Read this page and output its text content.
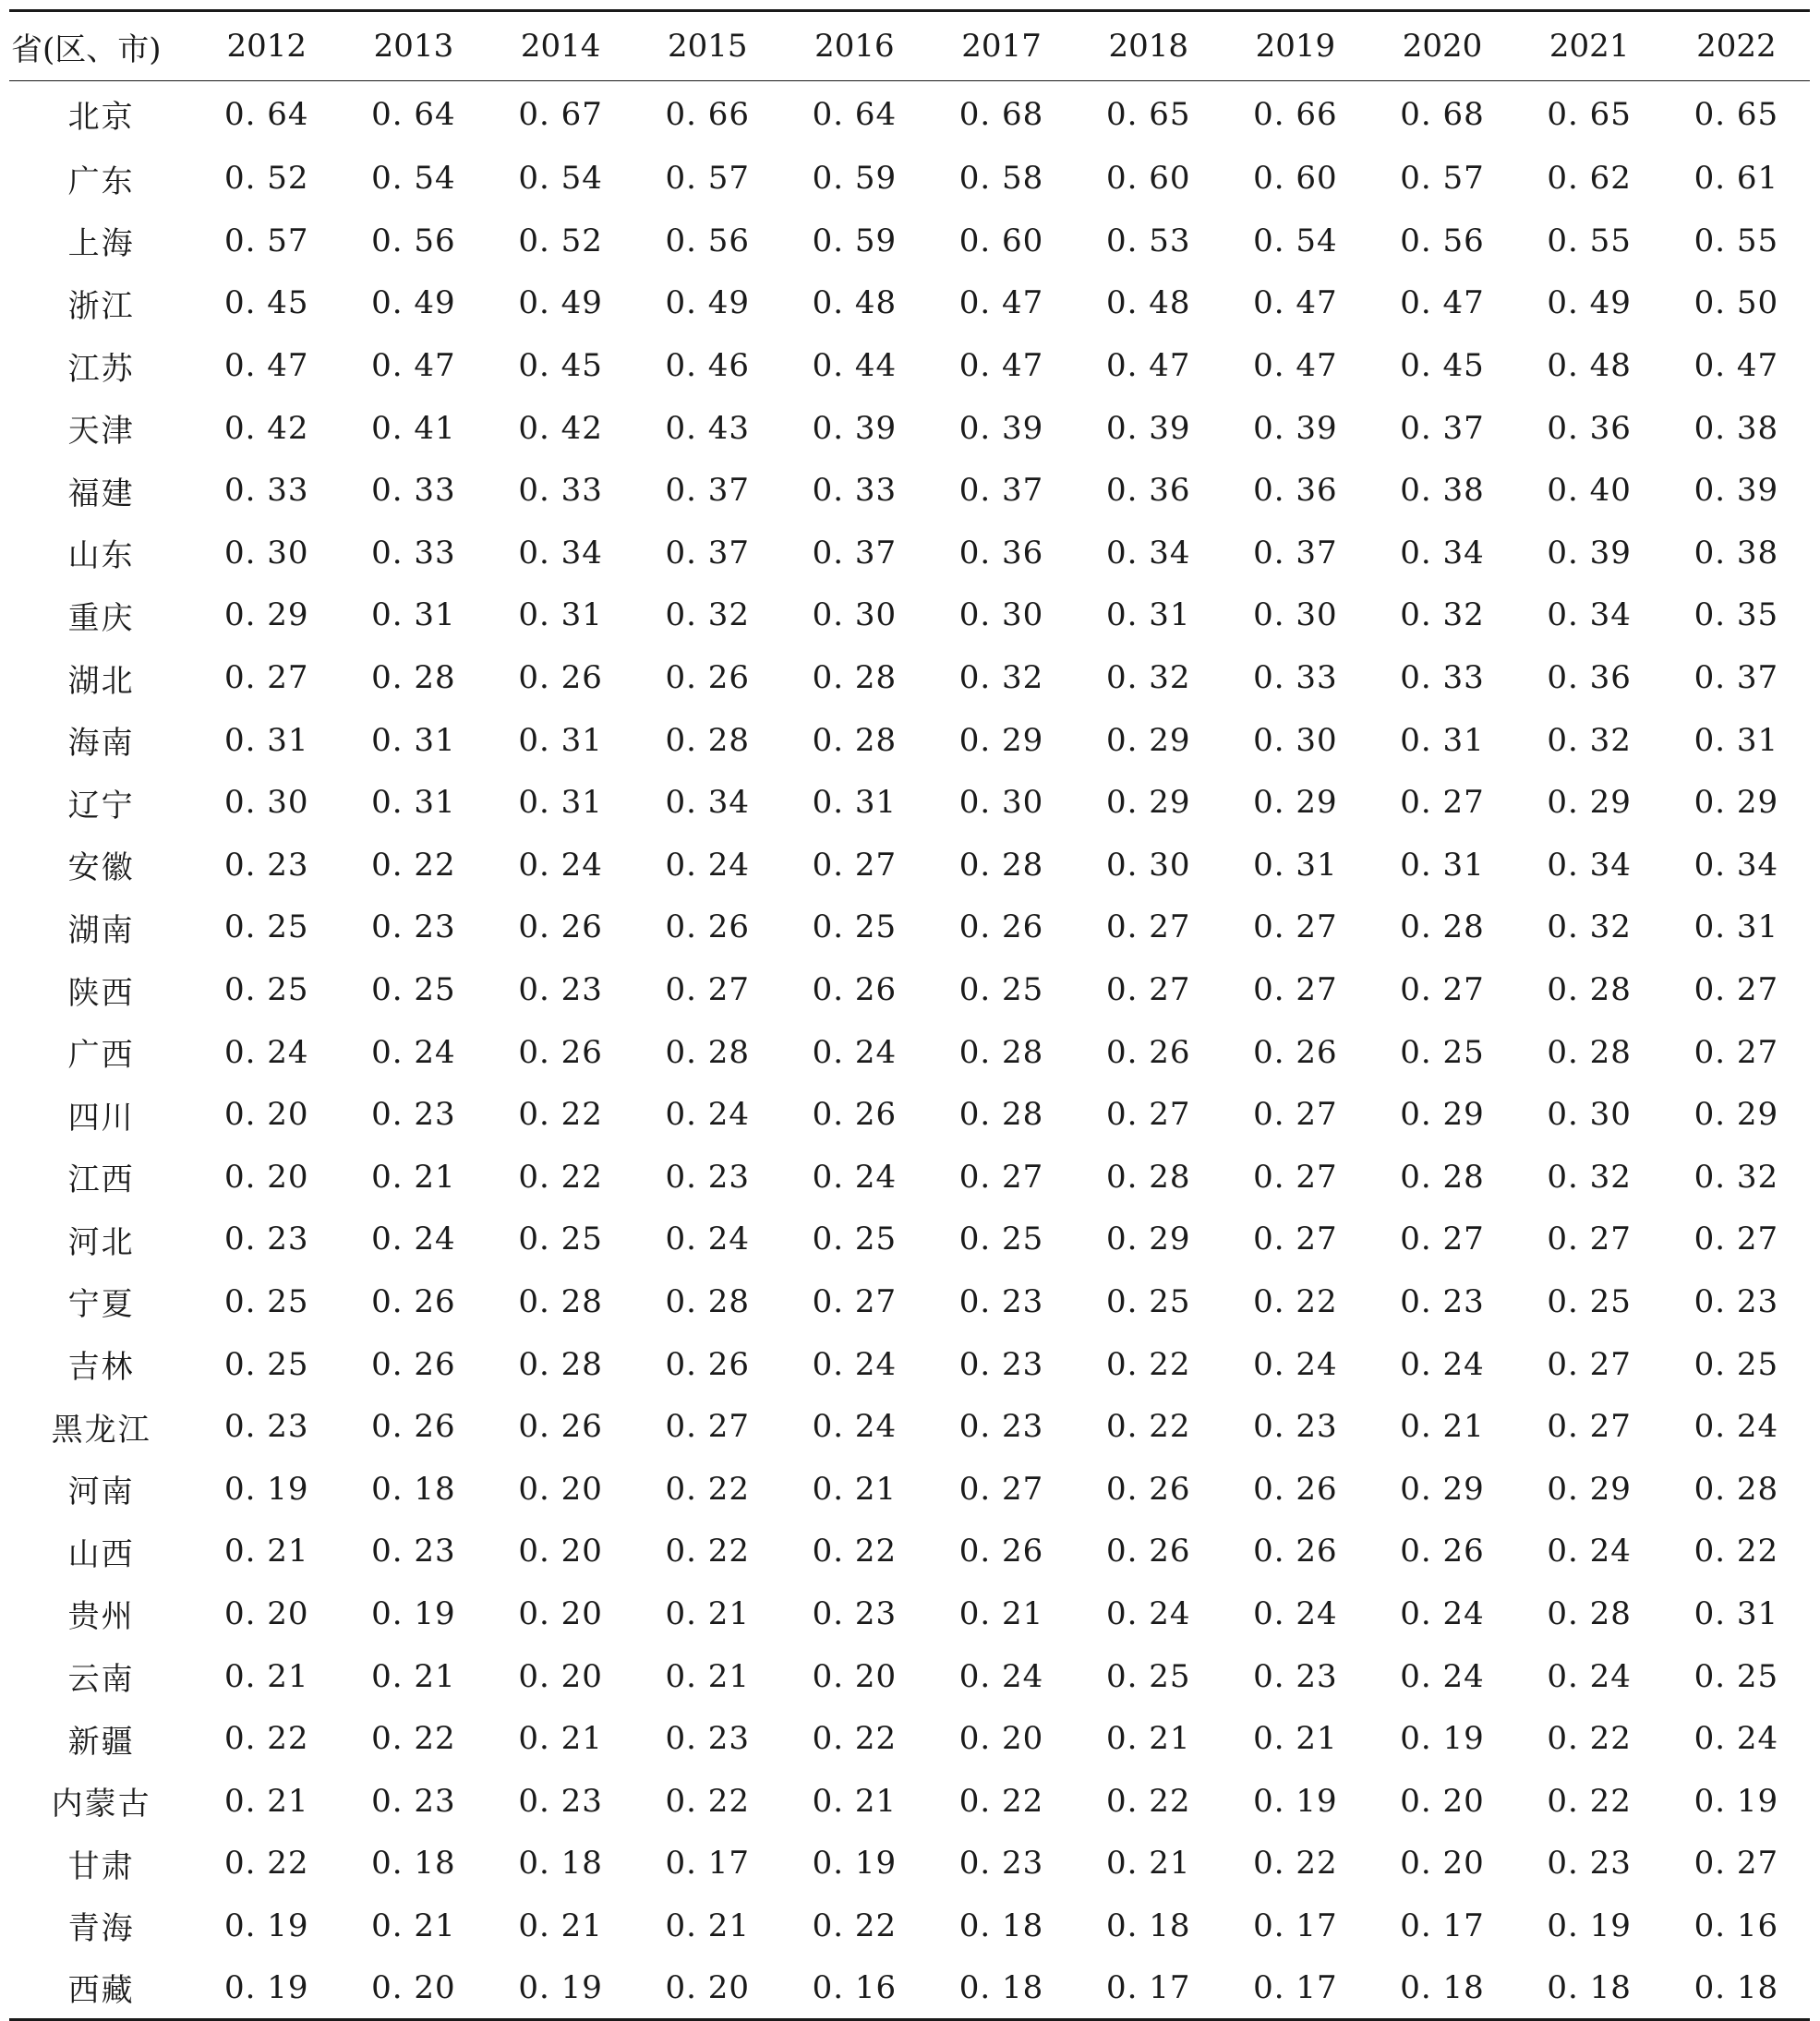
省(区、市)	2012	2013	2014	2015	2016	2017	2018	2019	2020	2021	2022
北京	0. 64	0. 64	0. 67	0. 66	0. 64	0. 68	0. 65	0. 66	0. 68	0. 65	0. 65
广东	0. 52	0. 54	0. 54	0. 57	0. 59	0. 58	0. 60	0. 60	0. 57	0. 62	0. 61
上海	0. 57	0. 56	0. 52	0. 56	0. 59	0. 60	0. 53	0. 54	0. 56	0. 55	0. 55
浙江	0. 45	0. 49	0. 49	0. 49	0. 48	0. 47	0. 48	0. 47	0. 47	0. 49	0. 50
江苏	0. 47	0. 47	0. 45	0. 46	0. 44	0. 47	0. 47	0. 47	0. 45	0. 48	0. 47
天津	0. 42	0. 41	0. 42	0. 43	0. 39	0. 39	0. 39	0. 39	0. 37	0. 36	0. 38
福建	0. 33	0. 33	0. 33	0. 37	0. 33	0. 37	0. 36	0. 36	0. 38	0. 40	0. 39
山东	0. 30	0. 33	0. 34	0. 37	0. 37	0. 36	0. 34	0. 37	0. 34	0. 39	0. 38
重庆	0. 29	0. 31	0. 31	0. 32	0. 30	0. 30	0. 31	0. 30	0. 32	0. 34	0. 35
湖北	0. 27	0. 28	0. 26	0. 26	0. 28	0. 32	0. 32	0. 33	0. 33	0. 36	0. 37
海南	0. 31	0. 31	0. 31	0. 28	0. 28	0. 29	0. 29	0. 30	0. 31	0. 32	0. 31
辽宁	0. 30	0. 31	0. 31	0. 34	0. 31	0. 30	0. 29	0. 29	0. 27	0. 29	0. 29
安徽	0. 23	0. 22	0. 24	0. 24	0. 27	0. 28	0. 30	0. 31	0. 31	0. 34	0. 34
湖南	0. 25	0. 23	0. 26	0. 26	0. 25	0. 26	0. 27	0. 27	0. 28	0. 32	0. 31
陕西	0. 25	0. 25	0. 23	0. 27	0. 26	0. 25	0. 27	0. 27	0. 27	0. 28	0. 27
广西	0. 24	0. 24	0. 26	0. 28	0. 24	0. 28	0. 26	0. 26	0. 25	0. 28	0. 27
四川	0. 20	0. 23	0. 22	0. 24	0. 26	0. 28	0. 27	0. 27	0. 29	0. 30	0. 29
江西	0. 20	0. 21	0. 22	0. 23	0. 24	0. 27	0. 28	0. 27	0. 28	0. 32	0. 32
河北	0. 23	0. 24	0. 25	0. 24	0. 25	0. 25	0. 29	0. 27	0. 27	0. 27	0. 27
宁夏	0. 25	0. 26	0. 28	0. 28	0. 27	0. 23	0. 25	0. 22	0. 23	0. 25	0. 23
吉林	0. 25	0. 26	0. 28	0. 26	0. 24	0. 23	0. 22	0. 24	0. 24	0. 27	0. 25
黑龙江	0. 23	0. 26	0. 26	0. 27	0. 24	0. 23	0. 22	0. 23	0. 21	0. 27	0. 24
河南	0. 19	0. 18	0. 20	0. 22	0. 21	0. 27	0. 26	0. 26	0. 29	0. 29	0. 28
山西	0. 21	0. 23	0. 20	0. 22	0. 22	0. 26	0. 26	0. 26	0. 26	0. 24	0. 22
贵州	0. 20	0. 19	0. 20	0. 21	0. 23	0. 21	0. 24	0. 24	0. 24	0. 28	0. 31
云南	0. 21	0. 21	0. 20	0. 21	0. 20	0. 24	0. 25	0. 23	0. 24	0. 24	0. 25
新疆	0. 22	0. 22	0. 21	0. 23	0. 22	0. 20	0. 21	0. 21	0. 19	0. 22	0. 24
内蒙古	0. 21	0. 23	0. 23	0. 22	0. 21	0. 22	0. 22	0. 19	0. 20	0. 22	0. 19
甘肃	0. 22	0. 18	0. 18	0. 17	0. 19	0. 23	0. 21	0. 22	0. 20	0. 23	0. 27
青海	0. 19	0. 21	0. 21	0. 21	0. 22	0. 18	0. 18	0. 17	0. 17	0. 19	0. 16
西藏	0. 19	0. 20	0. 19	0. 20	0. 16	0. 18	0. 17	0. 17	0. 18	0. 18	0. 18
